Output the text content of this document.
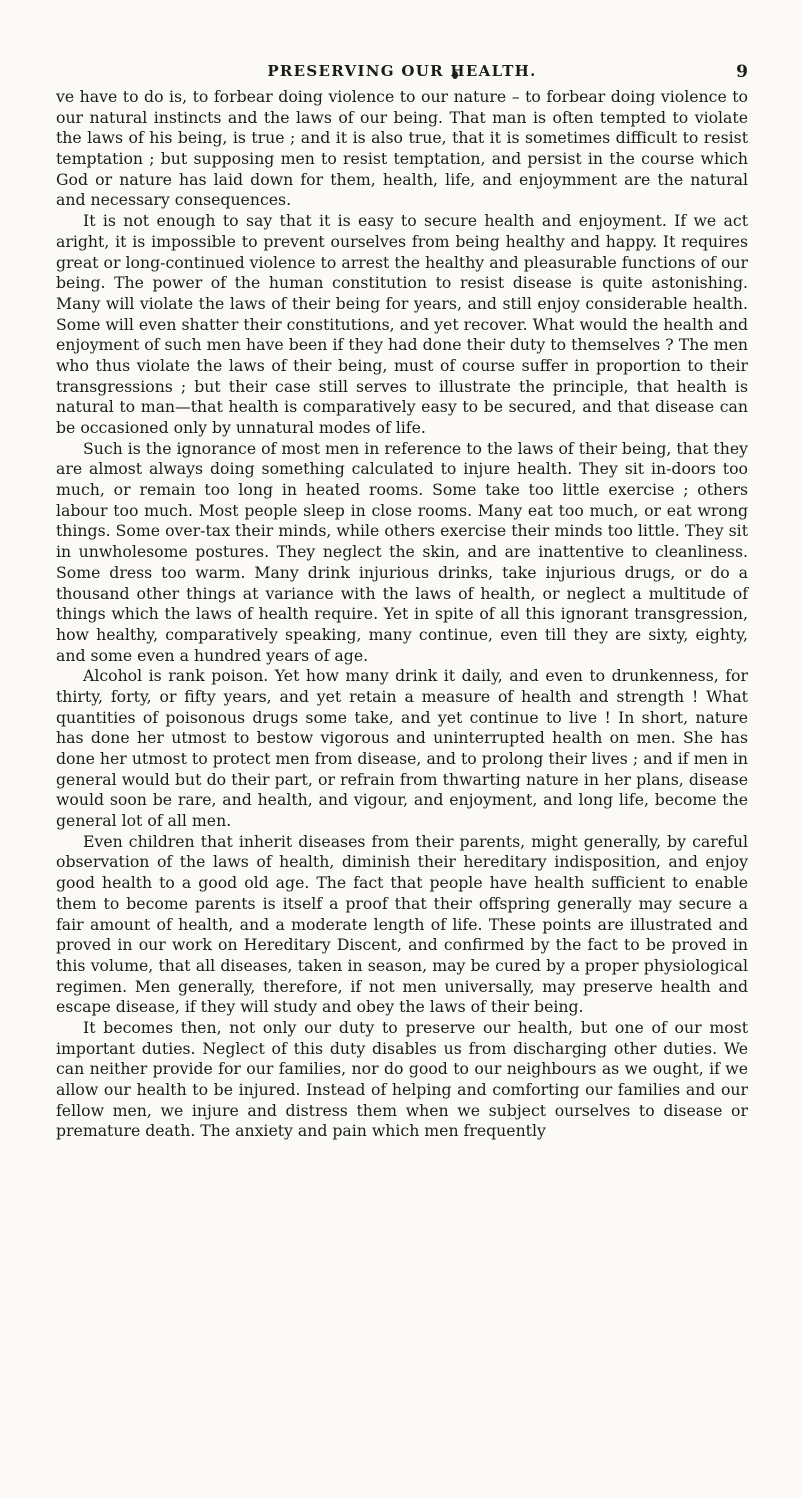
PRESERVING OUR HEALTH.	9

ve have to do is, to forbear doing violence to our nature – to forbear doing violence to our natural instincts and the laws of our being. That man is often tempted to violate the laws of his being, is true ; and it is also true, that it is sometimes difficult to resist temptation ; but supposing men to resist temptation, and persist in the course which God or nature has laid down for them, health, life, and enjoymment are the natural and necessary consequences.

It is not enough to say that it is easy to secure health and enjoyment. If we act aright, it is impossible to prevent ourselves from being healthy and happy. It requires great or long-continued violence to arrest the healthy and pleasurable functions of our being. The power of the human constitution to resist disease is quite astonishing. Many will violate the laws of their being for years, and still enjoy considerable health. Some will even shatter their constitutions, and yet recover. What would the health and enjoyment of such men have been if they had done their duty to themselves ? The men who thus violate the laws of their being, must of course suffer in proportion to their transgressions ; but their case still serves to illustrate the principle, that health is natural to man—that health is comparatively easy to be secured, and that disease can be occasioned only by unnatural modes of life.

Such is the ignorance of most men in reference to the laws of their being, that they are almost always doing something calculated to injure health. They sit in-doors too much, or remain too long in heated rooms. Some take too little exercise ; others labour too much. Most people sleep in close rooms. Many eat too much, or eat wrong things. Some over-tax their minds, while others exercise their minds too little. They sit in unwholesome postures. They neglect the skin, and are inattentive to cleanliness. Some dress too warm. Many drink injurious drinks, take injurious drugs, or do a thousand other things at variance with the laws of health, or neglect a multitude of things which the laws of health require. Yet in spite of all this ignorant transgression, how healthy, comparatively speaking, many continue, even till they are sixty, eighty, and some even a hundred years of age.

Alcohol is rank poison. Yet how many drink it daily, and even to drunkenness, for thirty, forty, or fifty years, and yet retain a measure of health and strength ! What quantities of poisonous drugs some take, and yet continue to live ! In short, nature has done her utmost to bestow vigorous and uninterrupted health on men. She has done her utmost to protect men from disease, and to prolong their lives ; and if men in general would but do their part, or refrain from thwarting nature in her plans, disease would soon be rare, and health, and vigour, and enjoyment, and long life, become the general lot of all men.

Even children that inherit diseases from their parents, might generally, by careful observation of the laws of health, diminish their hereditary indisposition, and enjoy good health to a good old age. The fact that people have health sufficient to enable them to become parents is itself a proof that their offspring generally may secure a fair amount of health, and a moderate length of life. These points are illustrated and proved in our work on Hereditary Discent, and confirmed by the fact to be proved in this volume, that all diseases, taken in season, may be cured by a proper physiological regimen. Men generally, therefore, if not men universally, may preserve health and escape disease, if they will study and obey the laws of their being.

It becomes then, not only our duty to preserve our health, but one of our most important duties. Neglect of this duty disables us from discharging other duties. We can neither provide for our families, nor do good to our neighbours as we ought, if we allow our health to be injured. Instead of helping and comforting our families and our fellow men, we injure and distress them when we subject ourselves to disease or premature death. The anxiety and pain which men frequently
